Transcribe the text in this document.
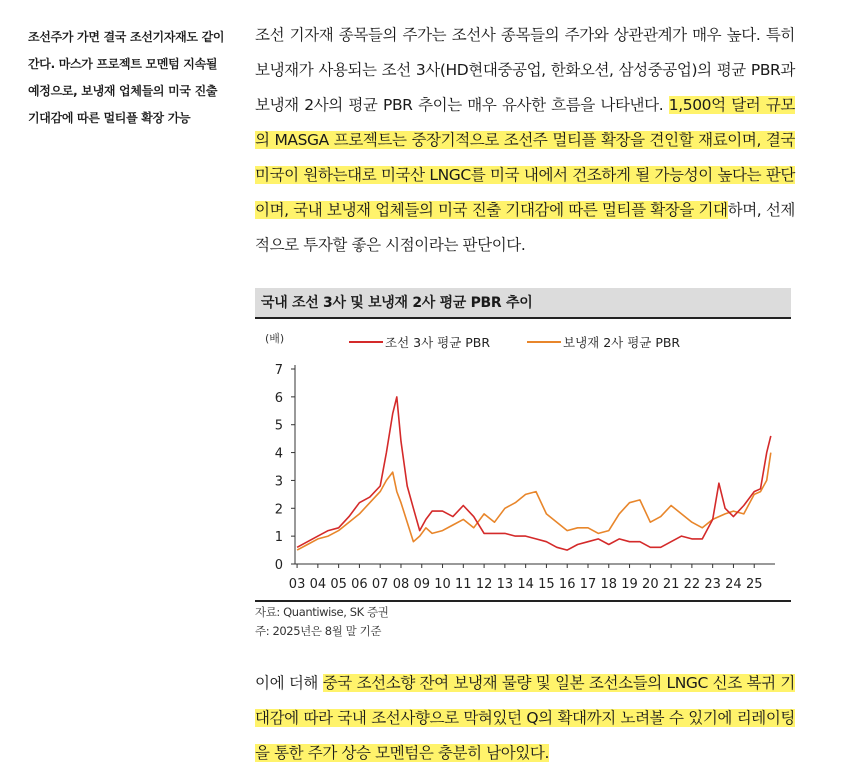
조선주가 가면 결국 조선기자재도 같이
간다. 마스가 프로젝트 모멘텀 지속될
예정으로, 보냉재 업체들의 미국 진출
기대감에 따른 멀티플 확장 가능
조선 기자재 종목들의 주가는 조선사 종목들의 주가와 상관관계가 매우 높다. 특히 보냉재가 사용되는 조선 3사(HD현대중공업, 한화오션, 삼성중공업)의 평균 PBR과 보냉재 2사의 평균 PBR 추이는 매우 유사한 흐름을 나타낸다. 1,500억 달러 규모의 MASGA 프로젝트는 중장기적으로 조선주 멀티플 확장을 견인할 재료이며, 결국 미국이 원하는대로 미국산 LNGC를 미국 내에서 건조하게 될 가능성이 높다는 판단이며, 국내 보냉재 업체들의 미국 진출 기대감에 따른 멀티플 확장을 기대하며, 선제적으로 투자할 좋은 시점이라는 판단이다.
국내 조선 3사 및 보냉재 2사 평균 PBR 추이
(배)	조선 3사 평균 PBR	보냉재 2사 평균 PBR
0
1
2
3
4
5
6
7
03 04 05 06 07 08 09 10 11 12 13 14 15 16 17 18 19 20 21 22 23 24 25
자료: Quantiwise, SK 증권
주: 2025년은 8월 말 기준
이에 더해 중국 조선소향 잔여 보냉재 물량 및 일본 조선소들의 LNGC 신조 복귀 기대감에 따라 국내 조선사향으로 막혀있던 Q의 확대까지 노려볼 수 있기에 리레이팅을 통한 주가 상승 모멘텀은 충분히 남아있다.
